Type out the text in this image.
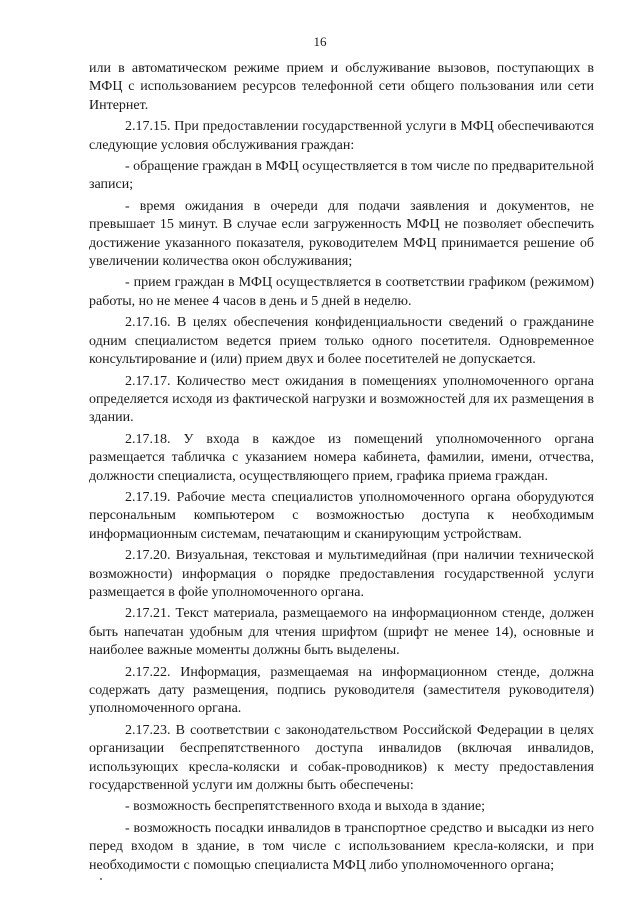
16

или в автоматическом режиме прием и обслуживание вызовов, поступающих в МФЦ с использованием ресурсов телефонной сети общего пользования или сети Интернет.

2.17.15. При предоставлении государственной услуги в МФЦ обеспечиваются следующие условия обслуживания граждан:

- обращение граждан в МФЦ осуществляется в том числе по предварительной записи;

- время ожидания в очереди для подачи заявления и документов, не превышает 15 минут. В случае если загруженность МФЦ не позволяет обеспечить достижение указанного показателя, руководителем МФЦ принимается решение об увеличении количества окон обслуживания;

- прием граждан в МФЦ осуществляется в соответствии графиком (режимом) работы, но не менее 4 часов в день и 5 дней в неделю.

2.17.16. В целях обеспечения конфиденциальности сведений о гражданине одним специалистом ведется прием только одного посетителя. Одновременное консультирование и (или) прием двух и более посетителей не допускается.

2.17.17. Количество мест ожидания в помещениях уполномоченного органа определяется исходя из фактической нагрузки и возможностей для их размещения в здании.

2.17.18. У входа в каждое из помещений уполномоченного органа размещается табличка с указанием номера кабинета, фамилии, имени, отчества, должности специалиста, осуществляющего прием, графика приема граждан.

2.17.19. Рабочие места специалистов уполномоченного органа оборудуются персональным компьютером с возможностью доступа к необходимым информационным системам, печатающим и сканирующим устройствам.

2.17.20. Визуальная, текстовая и мультимедийная (при наличии технической возможности) информация о порядке предоставления государственной услуги размещается в фойе уполномоченного органа.

2.17.21. Текст материала, размещаемого на информационном стенде, должен быть напечатан удобным для чтения шрифтом (шрифт не менее 14), основные и наиболее важные моменты должны быть выделены.

2.17.22. Информация, размещаемая на информационном стенде, должна содержать дату размещения, подпись руководителя (заместителя руководителя) уполномоченного органа.

2.17.23. В соответствии с законодательством Российской Федерации в целях организации беспрепятственного доступа инвалидов (включая инвалидов, использующих кресла-коляски и собак-проводников) к месту предоставления государственной услуги им должны быть обеспечены:

- возможность беспрепятственного входа и выхода в здание;

- возможность посадки инвалидов в транспортное средство и высадки из него перед входом в здание, в том числе с использованием кресла-коляски, и при необходимости с помощью специалиста МФЦ либо уполномоченного органа;
